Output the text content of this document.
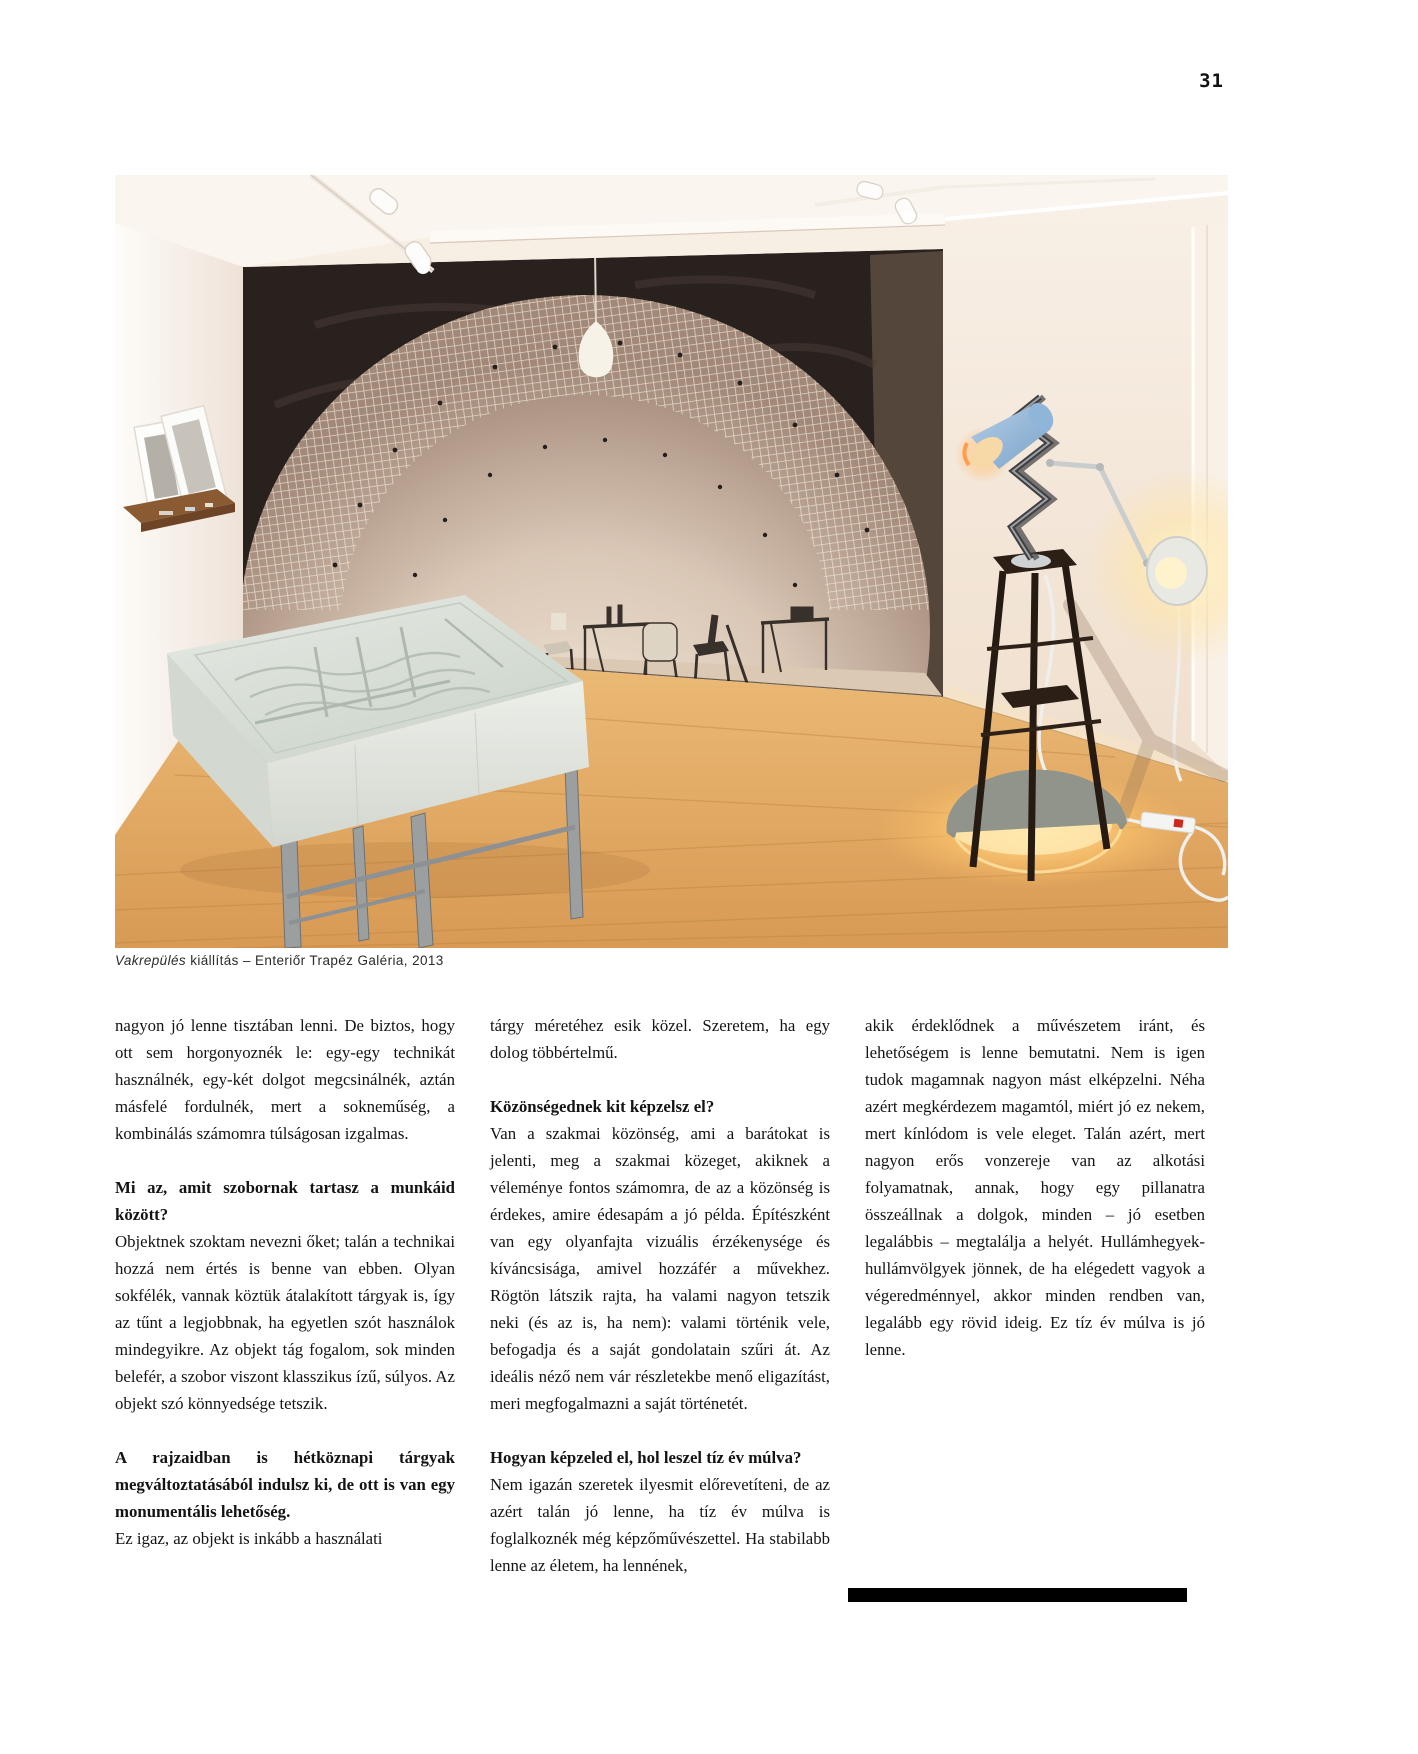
31
Vakrepülés kiállítás – Enteriőr Trapéz Galéria, 2013

nagyon jó lenne tisztában lenni. De biztos, hogy ott sem horgonyoznék le: egy-egy technikát használnék, egy-két dolgot megcsinálnék, aztán másfelé fordulnék, mert a sokneműség, a kombinálás számomra túlságosan izgalmas.

Mi az, amit szobornak tartasz a munkáid között?

Objektnek szoktam nevezni őket; talán a technikai hozzá nem értés is benne van ebben. Olyan sokfélék, vannak köztük átalakított tárgyak is, így az tűnt a legjobbnak, ha egyetlen szót használok mindegyikre. Az objekt tág fogalom, sok minden belefér, a szobor viszont klasszikus ízű, súlyos. Az objekt szó könnyedsége tetszik.

A rajzaidban is hétköznapi tárgyak megváltoztatásából indulsz ki, de ott is van egy monumentális lehetőség.

Ez igaz, az objekt is inkább a használati

tárgy méretéhez esik közel. Szeretem, ha egy dolog többértelmű.

Közönségednek kit képzelsz el?

Van a szakmai közönség, ami a barátokat is jelenti, meg a szakmai közeget, akiknek a véleménye fontos számomra, de az a közönség is érdekes, amire édesapám a jó példa. Építészként van egy olyanfajta vizuális érzékenysége és kíváncsisága, amivel hozzáfér a művekhez. Rögtön látszik rajta, ha valami nagyon tetszik neki (és az is, ha nem): valami történik vele, befogadja és a saját gondolatain szűri át. Az ideális néző nem vár részletekbe menő eligazítást, meri megfogalmazni a saját történetét.

Hogyan képzeled el, hol leszel tíz év múlva?

Nem igazán szeretek ilyesmit előrevetíteni, de az azért talán jó lenne, ha tíz év múlva is foglalkoznék még képzőművészettel. Ha stabilabb lenne az életem, ha lennének,

akik érdeklődnek a művészetem iránt, és lehetőségem is lenne bemutatni. Nem is igen tudok magamnak nagyon mást elképzelni. Néha azért megkérdezem magamtól, miért jó ez nekem, mert kínlódom is vele eleget. Talán azért, mert nagyon erős vonzereje van az alkotási folyamatnak, annak, hogy egy pillanatra összeállnak a dolgok, minden – jó esetben legalábbis – megtalálja a helyét. Hullámhegyek-hullámvölgyek jönnek, de ha elégedett vagyok a végeredménnyel, akkor minden rendben van, legalább egy rövid ideig. Ez tíz év múlva is jó lenne.
